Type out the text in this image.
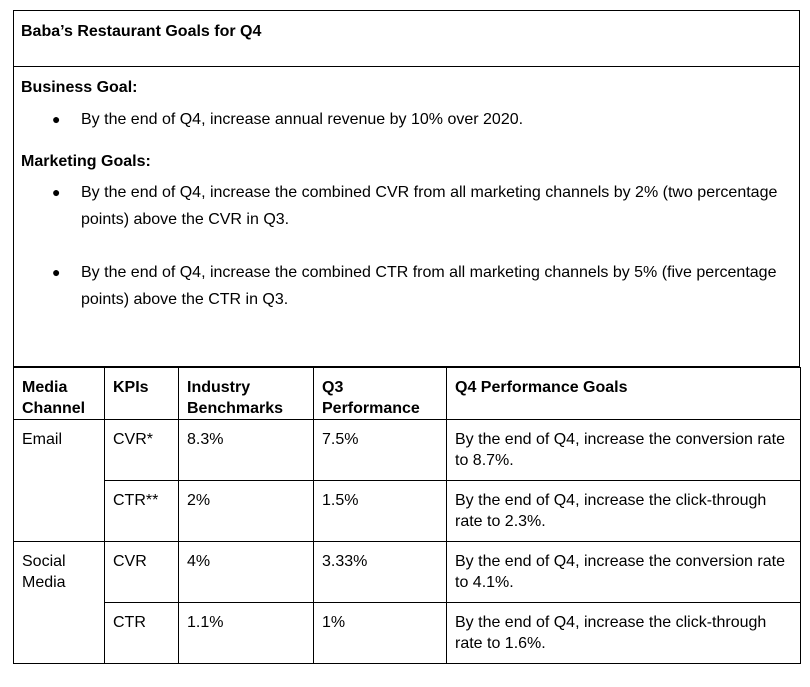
Baba’s Restaurant Goals for Q4
Business Goal:
● By the end of Q4, increase annual revenue by 10% over 2020.
Marketing Goals:
● By the end of Q4, increase the combined CVR from all marketing channels by 2% (two percentage points) above the CVR in Q3.
● By the end of Q4, increase the combined CTR from all marketing channels by 5% (five percentage points) above the CTR in Q3.
Media Channel	KPIs	Industry Benchmarks	Q3 Performance	Q4 Performance Goals
Email	CVR*	8.3%	7.5%	By the end of Q4, increase the conversion rate to 8.7%.
	CTR**	2%	1.5%	By the end of Q4, increase the click-through rate to 2.3%.
Social Media	CVR	4%	3.33%	By the end of Q4, increase the conversion rate to 4.1%.
	CTR	1.1%	1%	By the end of Q4, increase the click-through rate to 1.6%.
